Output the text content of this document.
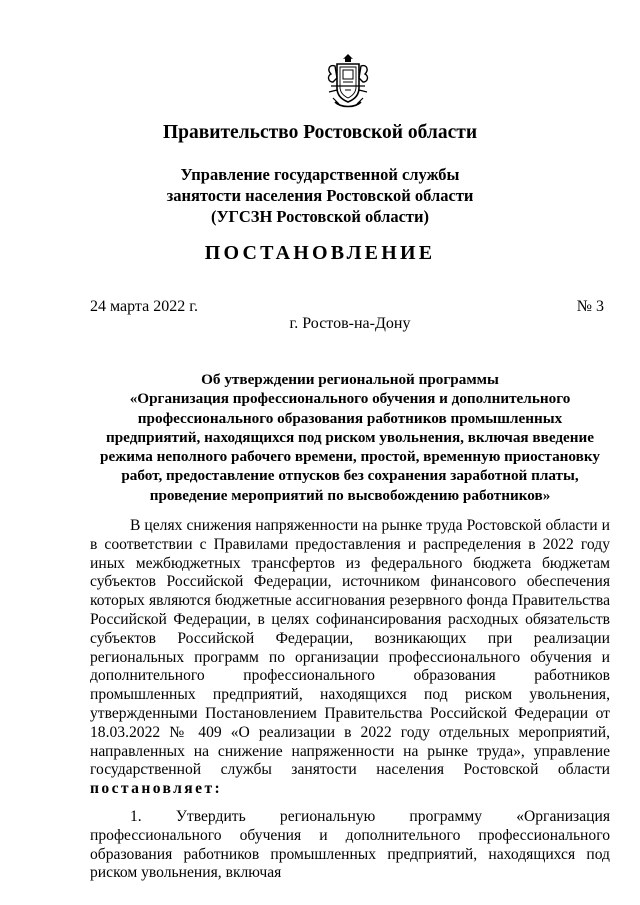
Правительство Ростовской области
Управление государственной службы
занятости населения Ростовской области
(УГСЗН Ростовской области)
ПОСТАНОВЛЕНИЕ
24 марта 2022 г.	№ 3
г. Ростов-на-Дону
Об утверждении региональной программы
«Организация профессионального обучения и дополнительного
профессионального образования работников промышленных
предприятий, находящихся под риском увольнения, включая введение
режима неполного рабочего времени, простой, временную приостановку
работ, предоставление отпусков без сохранения заработной платы,
проведение мероприятий по высвобождению работников»

В целях снижения напряженности на рынке труда Ростовской области и в соответствии с Правилами предоставления и распределения в 2022 году иных межбюджетных трансфертов из федерального бюджета бюджетам субъектов Российской Федерации, источником финансового обеспечения которых являются бюджетные ассигнования резервного фонда Правительства Российской Федерации, в целях софинансирования расходных обязательств субъектов Российской Федерации, возникающих при реализации региональных программ по организации профессионального обучения и дополнительного профессионального образования работников промышленных предприятий, находящихся под риском увольнения, утвержденными Постановлением Правительства Российской Федерации от 18.03.2022 № 409 «О реализации в 2022 году отдельных мероприятий, направленных на снижение напряженности на рынке труда», управление государственной службы занятости населения Ростовской области постановляет:

1. Утвердить региональную программу «Организация профессионального обучения и дополнительного профессионального образования работников промышленных предприятий, находящихся под риском увольнения, включая
